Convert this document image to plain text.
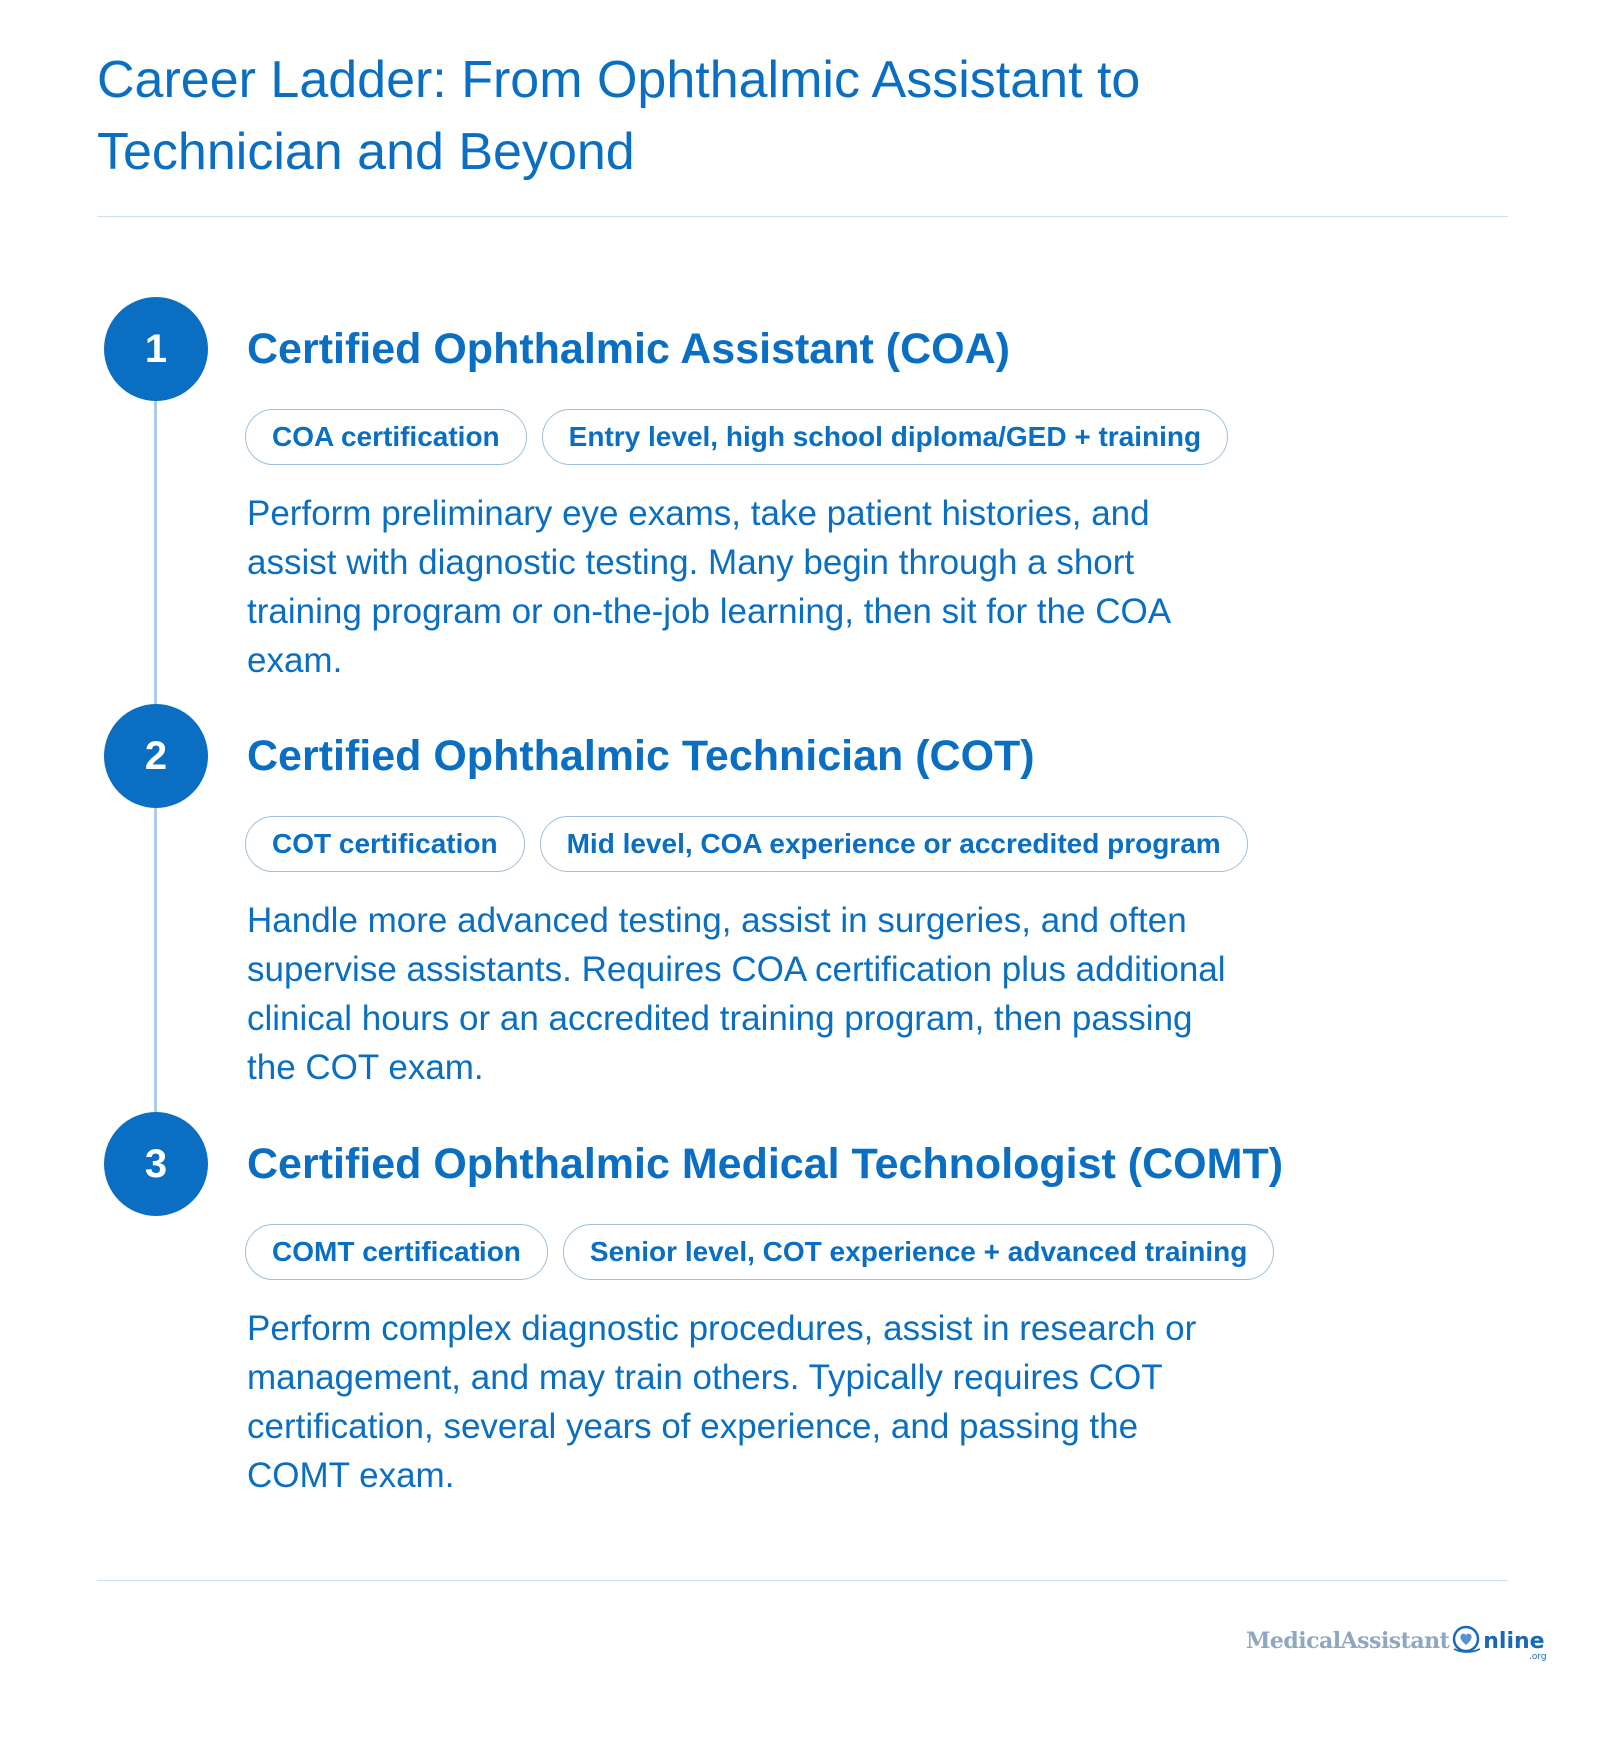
Career Ladder: From Ophthalmic Assistant to Technician and Beyond
1	Certified Ophthalmic Assistant (COA)
COA certification	Entry level, high school diploma/GED + training

Perform preliminary eye exams, take patient histories, and assist with diagnostic testing. Many begin through a short training program or on-the-job learning, then sit for the COA exam.

2	Certified Ophthalmic Technician (COT)
COT certification	Mid level, COA experience or accredited program

Handle more advanced testing, assist in surgeries, and often supervise assistants. Requires COA certification plus additional clinical hours or an accredited training program, then passing the COT exam.

3	Certified Ophthalmic Medical Technologist (COMT)
COMT certification	Senior level, COT experience + advanced training

Perform complex diagnostic procedures, assist in research or management, and may train others. Typically requires COT certification, several years of experience, and passing the COMT exam.

MedicalAssistant nline
.org
